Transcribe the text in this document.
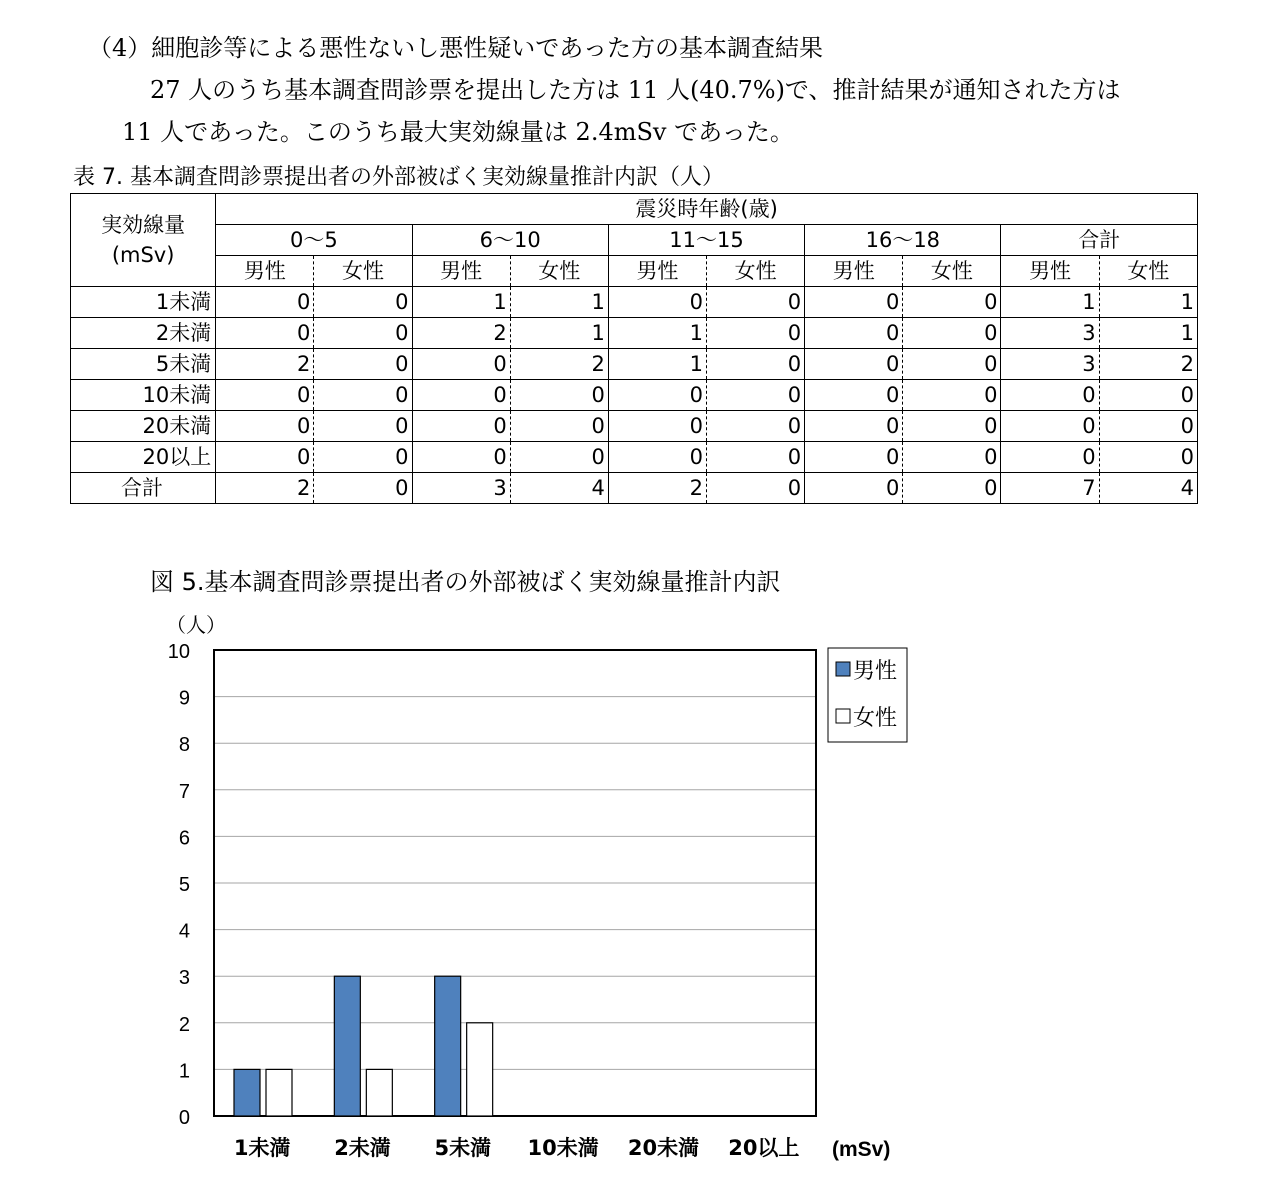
（4）細胞診等による悪性ないし悪性疑いであった方の基本調査結果
27 人のうち基本調査問診票を提出した方は 11 人(40.7%)で、推計結果が通知された方は
11 人であった。このうち最大実効線量は 2.4mSv であった。
表 7. 基本調査問診票提出者の外部被ばく実効線量推計内訳（人）
実効線量
(mSv)	震災時年齢(歳)									
	0～5		6～10		11～15		16～18		合計	
	男性	女性	男性	女性	男性	女性	男性	女性	男性	女性
1未満	0	0	1	1	0	0	0	0	1	1
2未満	0	0	2	1	1	0	0	0	3	1
5未満	2	0	0	2	1	0	0	0	3	2
10未満	0	0	0	0	0	0	0	0	0	0
20未満	0	0	0	0	0	0	0	0	0	0
20以上	0	0	0	0	0	0	0	0	0	0
合計	2	0	3	4	2	0	0	0	7	4
図 5.基本調査問診票提出者の外部被ばく実効線量推計内訳
0
1
2
3
4
5
6
7
8
9
10
（人）
1未満 2未満 5未満 10未満 20未満 20以上 (mSv)
男性
女性
